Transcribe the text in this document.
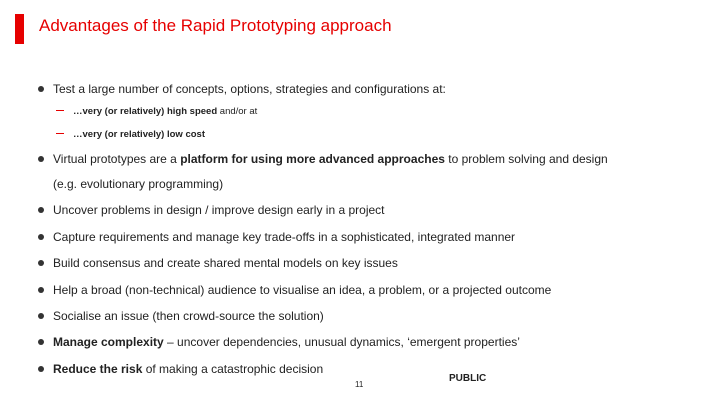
Advantages of the Rapid Prototyping approach
Test a large number of concepts, options, strategies and configurations at:
…very (or relatively) high speed and/or at
…very (or relatively) low cost
Virtual prototypes are a platform for using more advanced approaches to problem solving and design
(e.g. evolutionary programming)
Uncover problems in design / improve design early in a project
Capture requirements and manage key trade-offs in a sophisticated, integrated manner
Build consensus and create shared mental models on key issues
Help a broad (non-technical) audience to visualise an idea, a problem, or a projected outcome
Socialise an issue (then crowd-source the solution)
Manage complexity – uncover dependencies, unusual dynamics, ‘emergent properties’
Reduce the risk of making a catastrophic decision
11
PUBLIC
